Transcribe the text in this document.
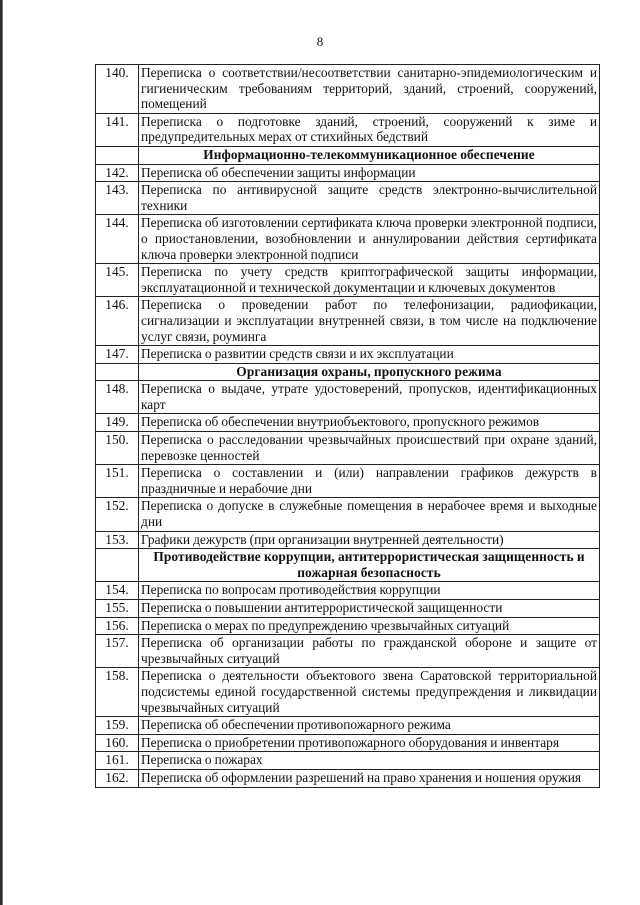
8
140.	Переписка о соответствии/несоответствии санитарно-эпидемиологическим и гигиеническим требованиям территорий, зданий, строений, сооружений, помещений
141.	Переписка о подготовке зданий, строений, сооружений к зиме и предупредительных мерах от стихийных бедствий
	Информационно-телекоммуникационное обеспечение
142.	Переписка об обеспечении защиты информации
143.	Переписка по антивирусной защите средств электронно-вычислительной техники
144.	Переписка об изготовлении сертификата ключа проверки электронной подписи, о приостановлении, возобновлении и аннулировании действия сертификата ключа проверки электронной подписи
145.	Переписка по учету средств криптографической защиты информации, эксплуатационной и технической документации и ключевых документов
146.	Переписка о проведении работ по телефонизации, радиофикации, сигнализации и эксплуатации внутренней связи, в том числе на подключение услуг связи, роуминга
147.	Переписка о развитии средств связи и их эксплуатации
	Организация охраны, пропускного режима
148.	Переписка о выдаче, утрате удостоверений, пропусков, идентификационных карт
149.	Переписка об обеспечении внутриобъектового, пропускного режимов
150.	Переписка о расследовании чрезвычайных происшествий при охране зданий, перевозке ценностей
151.	Переписка о составлении и (или) направлении графиков дежурств в праздничные и нерабочие дни
152.	Переписка о допуске в служебные помещения в нерабочее время и выходные дни
153.	Графики дежурств (при организации внутренней деятельности)
	Противодействие коррупции, антитеррористическая защищенность и пожарная безопасность
154.	Переписка по вопросам противодействия коррупции
155.	Переписка о повышении антитеррористической защищенности
156.	Переписка о мерах по предупреждению чрезвычайных ситуаций
157.	Переписка об организации работы по гражданской обороне и защите от чрезвычайных ситуаций
158.	Переписка о деятельности объектового звена Саратовской территориальной подсистемы единой государственной системы предупреждения и ликвидации чрезвычайных ситуаций
159.	Переписка об обеспечении противопожарного режима
160.	Переписка о приобретении противопожарного оборудования и инвентаря
161.	Переписка о пожарах
162.	Переписка об оформлении разрешений на право хранения и ношения оружия
